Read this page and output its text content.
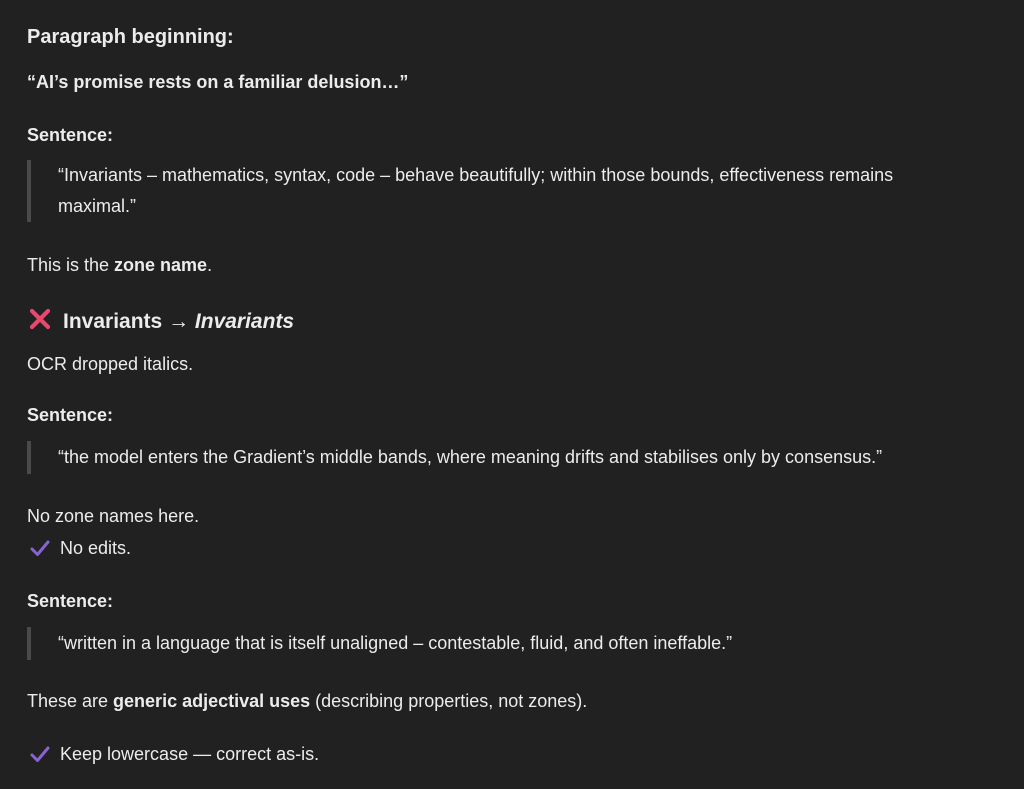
Paragraph beginning:
“AI’s promise rests on a familiar delusion…”
Sentence:
“Invariants – mathematics, syntax, code – behave beautifully; within those bounds, effectiveness remains
maximal.”
This is the zone name.
Invariants → Invariants
OCR dropped italics.
Sentence:
“the model enters the Gradient’s middle bands, where meaning drifts and stabilises only by consensus.”
No zone names here.
No edits.
Sentence:
“written in a language that is itself unaligned – contestable, fluid, and often ineffable.”
These are generic adjectival uses (describing properties, not zones).
Keep lowercase — correct as-is.
